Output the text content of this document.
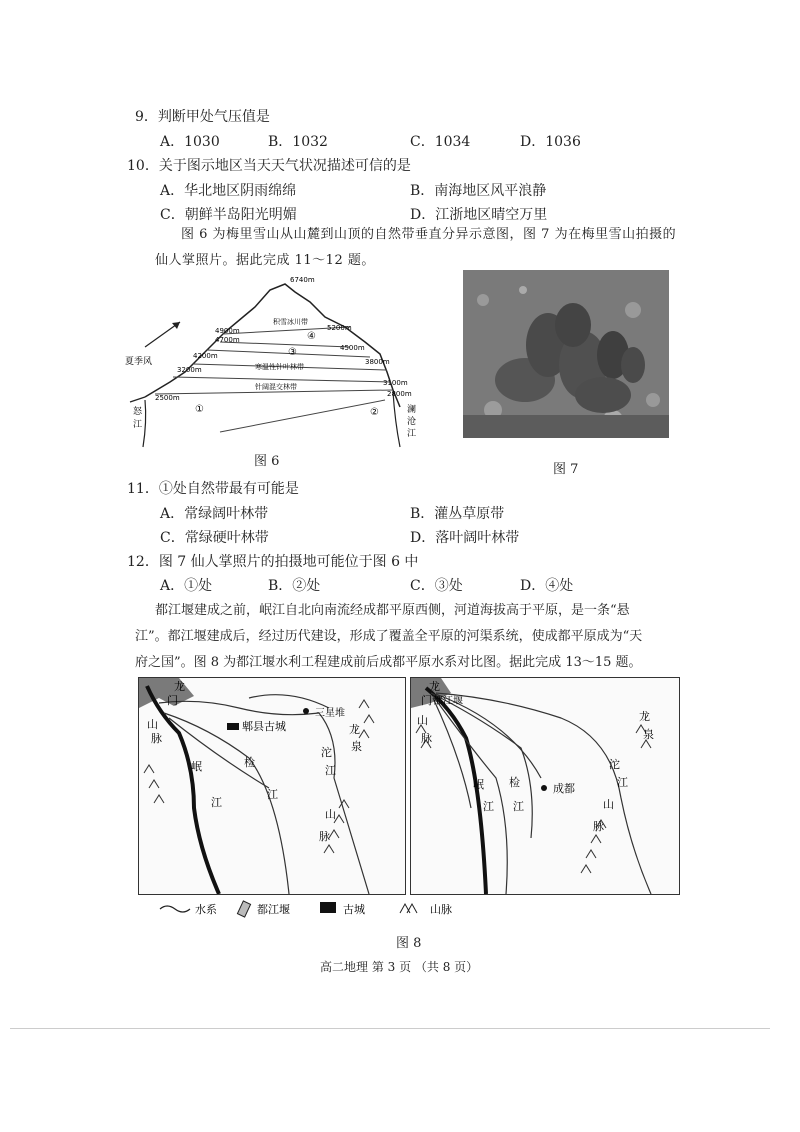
9．判断甲处气压值是
A．1030	B．1032	C．1034	D．1036
10．关于图示地区当天天气状况描述可信的是
A．华北地区阴雨绵绵	B．南海地区风平浪静
C．朝鲜半岛阳光明媚	D．江浙地区晴空万里
图 6 为梅里雪山从山麓到山顶的自然带垂直分异示意图，图 7 为在梅里雪山拍摄的仙人掌照片。据此完成 11～12 题。
6740m
4900m
4700m
4200m
3200m
2500m
5200m
4500m
3800m
3100m
2800m
积雪冰川带
④
③
寒温性针叶林带
针阔混交林带
①	②
夏季风
怒
江
澜
沧
江
图 6
图 7
11．①处自然带最有可能是
A．常绿阔叶林带	B．灌丛草原带
C．常绿硬叶林带	D．落叶阔叶林带
12．图 7 仙人掌照片的拍摄地可能位于图 6 中
A．①处	B．②处	C．③处	D．④处
都江堰建成之前，岷江自北向南流经成都平原西侧，河道海拔高于平原，是一条“悬
江”。都江堰建成后，经过历代建设，形成了覆盖全平原的河渠系统，使成都平原成为“天
府之国”。图 8 为都江堰水利工程建成前后成都平原水系对比图。据此完成 13～15 题。
龙
门
山
脉
郫县古城
三星堆
岷
江
检
江
沱
江
龙
泉
山
脉
龙
门 都江堰
山
脉
成都
岷
江
检
江
沱
江
龙
泉
山
脉
水系	都江堰	古城	山脉
图 8
高二地理 第 3 页 （共 8 页）
